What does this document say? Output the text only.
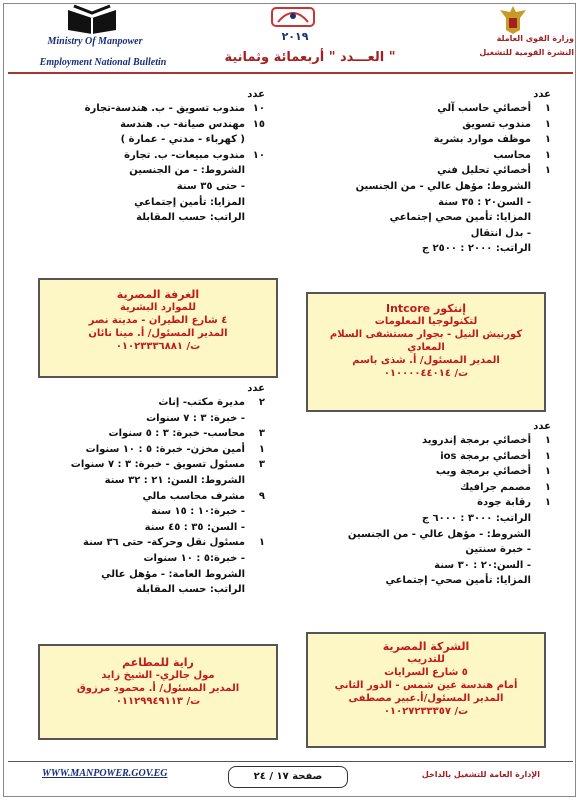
Ministry Of Manpower
Employment National Bulletin
٢٠١٩
العـــدد " أربعمائة وثمانية "
وزارة القوى العاملة
النشرة القومية للتشغيل
عدد
١أخصائي حاسب آلي
١مندوب تسويق
١موظف موارد بشرية
١محاسب
١أخصائي تحليل فني
الشروط: مؤهل عالي - من الجنسين
- السن٢٠ : ٣٥ سنة
المزايا: تأمين صحي إجتماعي
- بدل انتقال
الراتب: ٢٠٠٠ : ٢٥٠٠ ج
عدد
١٠مندوب تسويق - ب. هندسة-تجارة
١٥مهندس صيانة- ب. هندسة
( كهرباء - مدني - عمارة )
١٠مندوب مبيعات- ب. تجارة
الشروط: - من الجنسين
- حتى ٣٥ سنة
المزايا: تأمين إجتماعي
الراتب: حسب المقابلة
إنتكور Intcore
لتكنولوجيا المعلومات
كورنيش النيل - بجوار مستشفى السلام
المعادي
المدير المسئول/ أ. شذى باسم
ت/ ٠١٠٠٠٠٤٤٠١٤
الغرفة المصرية
للموارد البشرية
٤ شارع الطيران - مدينة نصر
المدير المسئول/ أ. مينا نائان
ت/ ٠١٠٢٣٣٣٦٨٨١
عدد
١أخصائي برمجة إندرويد
١أخصائي برمجة ios
١أخصائي برمجة ويب
١مصمم جرافيك
١رقابة جودة
الراتب: ٣٠٠٠ : ٦٠٠٠ ج
الشروط: - مؤهل عالي - من الجنسين
- خبرة سنتين
- السن:٢٠ : ٣٠ سنة
المزايا: تأمين صحي- إجتماعي
عدد
٢مديرة مكتب- إناث
- خبرة: ٣ : ٧ سنوات
٣محاسب- خبرة: ٣ : ٥ سنوات
١أمين مخزن- خبرة: ٥ : ١٠ سنوات
٣مسئول تسويق - خبرة: ٣ : ٧ سنوات
الشروط: السن: ٢١ : ٣٢ سنة
٩مشرف محاسب مالي
- خبرة:١٠ : ١٥ سنة
- السن: ٣٥ : ٤٥ سنة
١مسئول نقل وحركة- حتى ٣٦ سنة
- خبرة:٥ : ١٠ سنوات
الشروط العامة: - مؤهل عالي
الراتب: حسب المقابلة
الشركة المصرية
للتدريب
٥ شارع السرايات
أمام هندسة عين شمس - الدور الثاني
المدير المسئول/أ.عبير مصطفى
ت/ ٠١٠٢٧٢٣٣٣٥٧
راية للمطاعم
مول جالري- الشيخ زايد
المدير المسئول/ أ. محمود مرزوق
ت/ ٠١١٢٩٩٤٩١١٣
WWW.MANPOWER.GOV.EG	صفحة ١٧ / ٢٤	الإدارة العامة للتشغيل بالداخل
